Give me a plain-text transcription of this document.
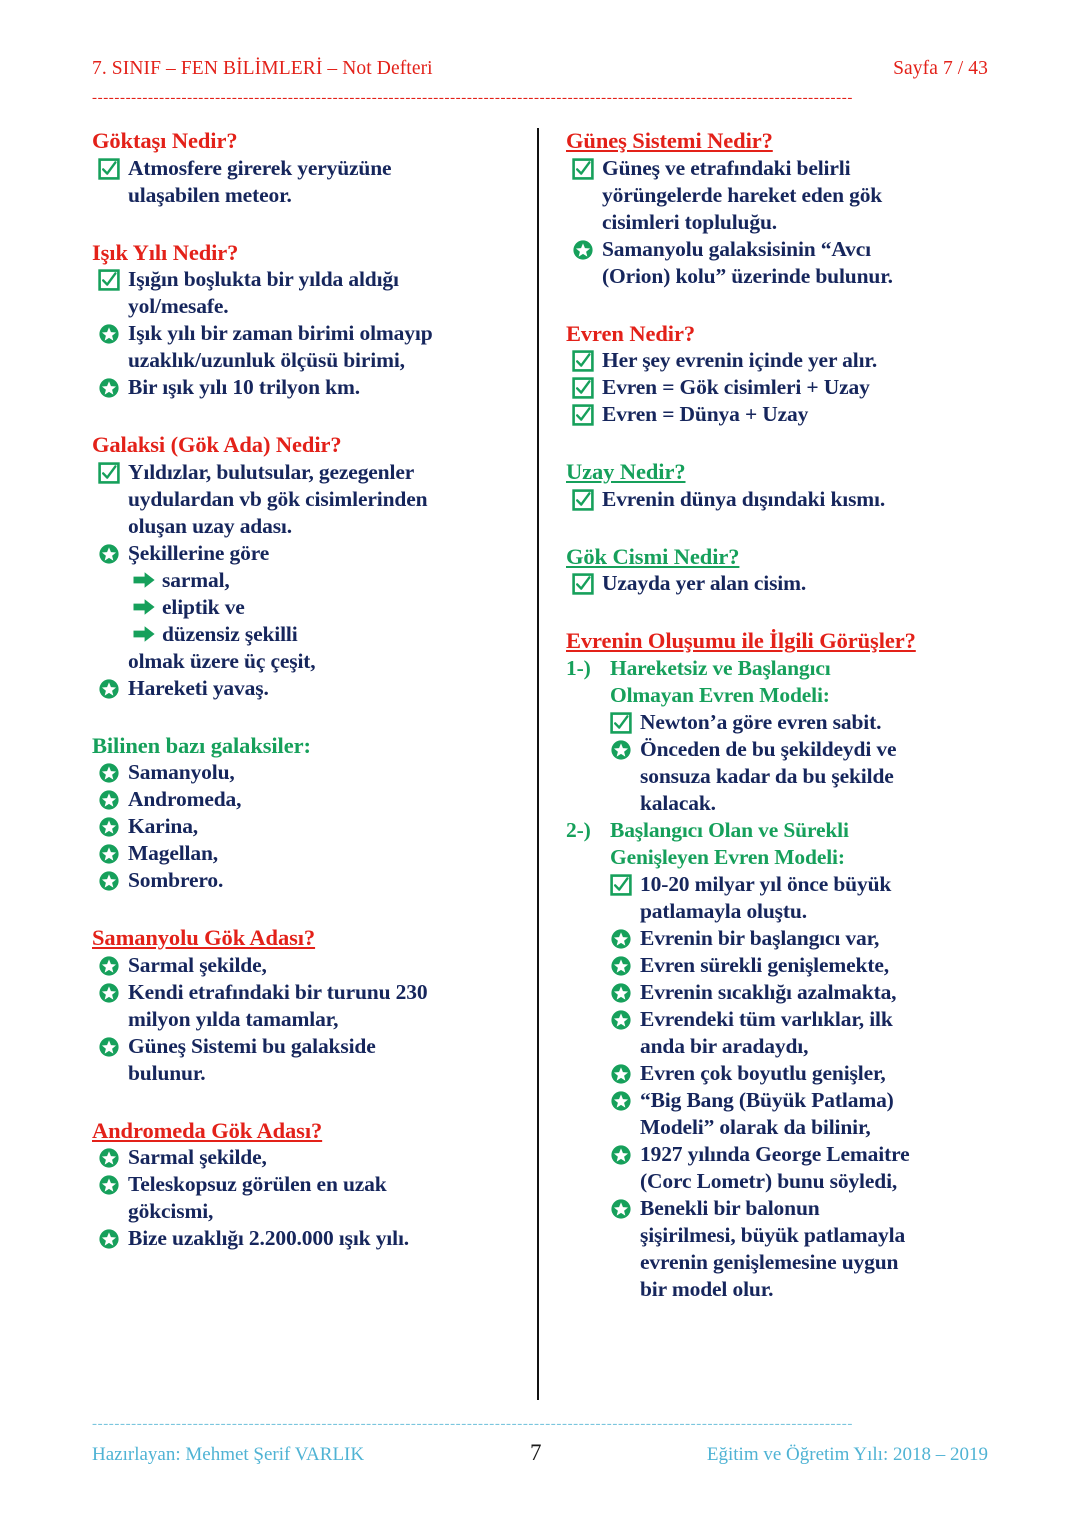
7. SINIF – FEN BİLİMLERİ – Not Defteri	Sayfa 7 / 43
----------------------------------------------------------------------------------------------------------------------------------------
Göktaşı Nedir?
Atmosfere girerek yeryüzüne
ulaşabilen meteor.
Işık Yılı Nedir?
Işığın boşlukta bir yılda aldığı
yol/mesafe.
Işık yılı bir zaman birimi olmayıp
uzaklık/uzunluk ölçüsü birimi,
Bir ışık yılı 10 trilyon km.
Galaksi (Gök Ada) Nedir?
Yıldızlar, bulutsular, gezegenler
uydulardan vb gök cisimlerinden
oluşan uzay adası.
Şekillerine göre
sarmal,
eliptik ve
düzensiz şekilli
olmak üzere üç çeşit,
Hareketi yavaş.
Bilinen bazı galaksiler:
Samanyolu,
Andromeda,
Karina,
Magellan,
Sombrero.
Samanyolu Gök Adası?
Sarmal şekilde,
Kendi etrafındaki bir turunu 230
milyon yılda tamamlar,
Güneş Sistemi bu galakside
bulunur.
Andromeda Gök Adası?
Sarmal şekilde,
Teleskopsuz görülen en uzak
gökcismi,
Bize uzaklığı 2.200.000 ışık yılı.
Güneş Sistemi Nedir?
Güneş ve etrafındaki belirli
yörüngelerde hareket eden gök
cisimleri topluluğu.
Samanyolu galaksisinin “Avcı
(Orion) kolu” üzerinde bulunur.
Evren Nedir?
Her şey evrenin içinde yer alır.
Evren = Gök cisimleri + Uzay
Evren = Dünya + Uzay
Uzay Nedir?
Evrenin dünya dışındaki kısmı.
Gök Cismi Nedir?
Uzayda yer alan cisim.
Evrenin Oluşumu ile İlgili Görüşler?
1-) Hareketsiz ve Başlangıcı
Olmayan Evren Modeli:
Newton’a göre evren sabit.
Önceden de bu şekildeydi ve
sonsuza kadar da bu şekilde
kalacak.
2-) Başlangıcı Olan ve Sürekli
Genişleyen Evren Modeli:
10-20 milyar yıl önce büyük
patlamayla oluştu.
Evrenin bir başlangıcı var,
Evren sürekli genişlemekte,
Evrenin sıcaklığı azalmakta,
Evrendeki tüm varlıklar, ilk
anda bir aradaydı,
Evren çok boyutlu genişler,
“Big Bang (Büyük Patlama)
Modeli” olarak da bilinir,
1927 yılında George Lemaitre
(Corc Lometr) bunu söyledi,
Benekli bir balonun
şişirilmesi, büyük patlamayla
evrenin genişlemesine uygun
bir model olur.
----------------------------------------------------------------------------------------------------------------------------------------
Hazırlayan: Mehmet Şerif VARLIK	7	Eğitim ve Öğretim Yılı: 2018 – 2019
